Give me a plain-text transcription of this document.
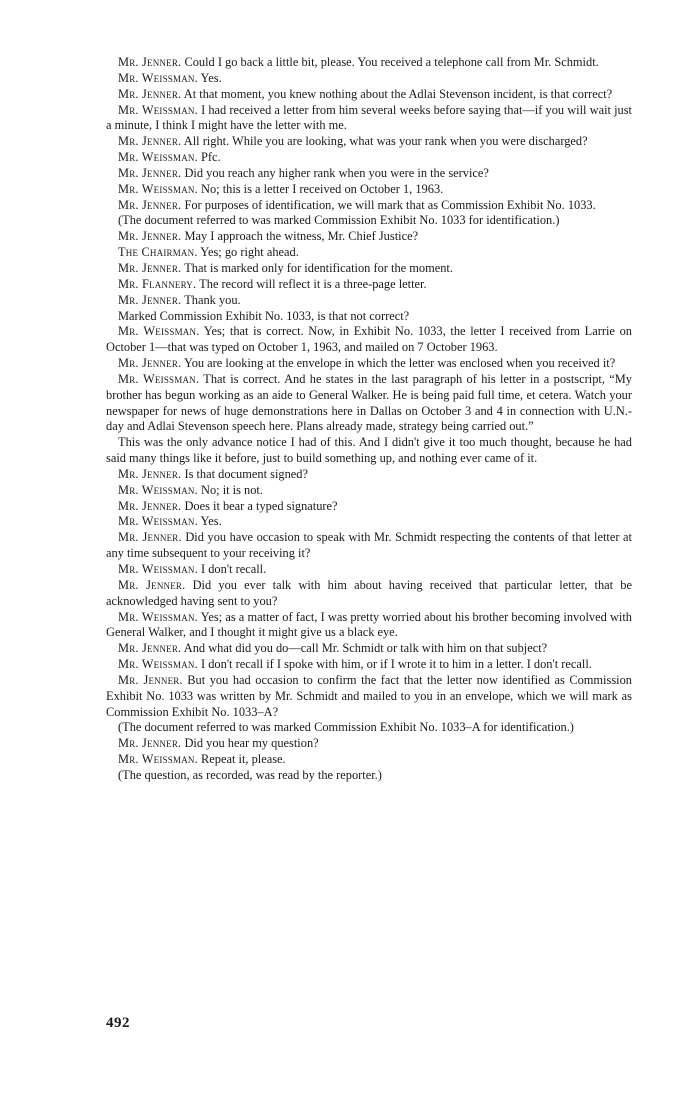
Mr. Jenner. Could I go back a little bit, please. You received a telephone call from Mr. Schmidt.

Mr. Weissman. Yes.

Mr. Jenner. At that moment, you knew nothing about the Adlai Stevenson incident, is that correct?

Mr. Weissman. I had received a letter from him several weeks before saying that—if you will wait just a minute, I think I might have the letter with me.

Mr. Jenner. All right. While you are looking, what was your rank when you were discharged?

Mr. Weissman. Pfc.

Mr. Jenner. Did you reach any higher rank when you were in the service?

Mr. Weissman. No; this is a letter I received on October 1, 1963.

Mr. Jenner. For purposes of identification, we will mark that as Commission Exhibit No. 1033.

(The document referred to was marked Commission Exhibit No. 1033 for identification.)

Mr. Jenner. May I approach the witness, Mr. Chief Justice?

The Chairman. Yes; go right ahead.

Mr. Jenner. That is marked only for identification for the moment.

Mr. Flannery. The record will reflect it is a three-page letter.

Mr. Jenner. Thank you.

Marked Commission Exhibit No. 1033, is that not correct?

Mr. Weissman. Yes; that is correct. Now, in Exhibit No. 1033, the letter I received from Larrie on October 1—that was typed on October 1, 1963, and mailed on 7 October 1963.

Mr. Jenner. You are looking at the envelope in which the letter was enclosed when you received it?

Mr. Weissman. That is correct. And he states in the last paragraph of his letter in a postscript, “My brother has begun working as an aide to General Walker. He is being paid full time, et cetera. Watch your newspaper for news of huge demonstrations here in Dallas on October 3 and 4 in connection with U.N.-day and Adlai Stevenson speech here. Plans already made, strategy being carried out.”

This was the only advance notice I had of this. And I didn't give it too much thought, because he had said many things like it before, just to build something up, and nothing ever came of it.

Mr. Jenner. Is that document signed?

Mr. Weissman. No; it is not.

Mr. Jenner. Does it bear a typed signature?

Mr. Weissman. Yes.

Mr. Jenner. Did you have occasion to speak with Mr. Schmidt respecting the contents of that letter at any time subsequent to your receiving it?

Mr. Weissman. I don't recall.

Mr. Jenner. Did you ever talk with him about having received that particular letter, that be acknowledged having sent to you?

Mr. Weissman. Yes; as a matter of fact, I was pretty worried about his brother becoming involved with General Walker, and I thought it might give us a black eye.

Mr. Jenner. And what did you do—call Mr. Schmidt or talk with him on that subject?

Mr. Weissman. I don't recall if I spoke with him, or if I wrote it to him in a letter. I don't recall.

Mr. Jenner. But you had occasion to confirm the fact that the letter now identified as Commission Exhibit No. 1033 was written by Mr. Schmidt and mailed to you in an envelope, which we will mark as Commission Exhibit No. 1033–A?

(The document referred to was marked Commission Exhibit No. 1033–A for identification.)

Mr. Jenner. Did you hear my question?

Mr. Weissman. Repeat it, please.

(The question, as recorded, was read by the reporter.)

492
